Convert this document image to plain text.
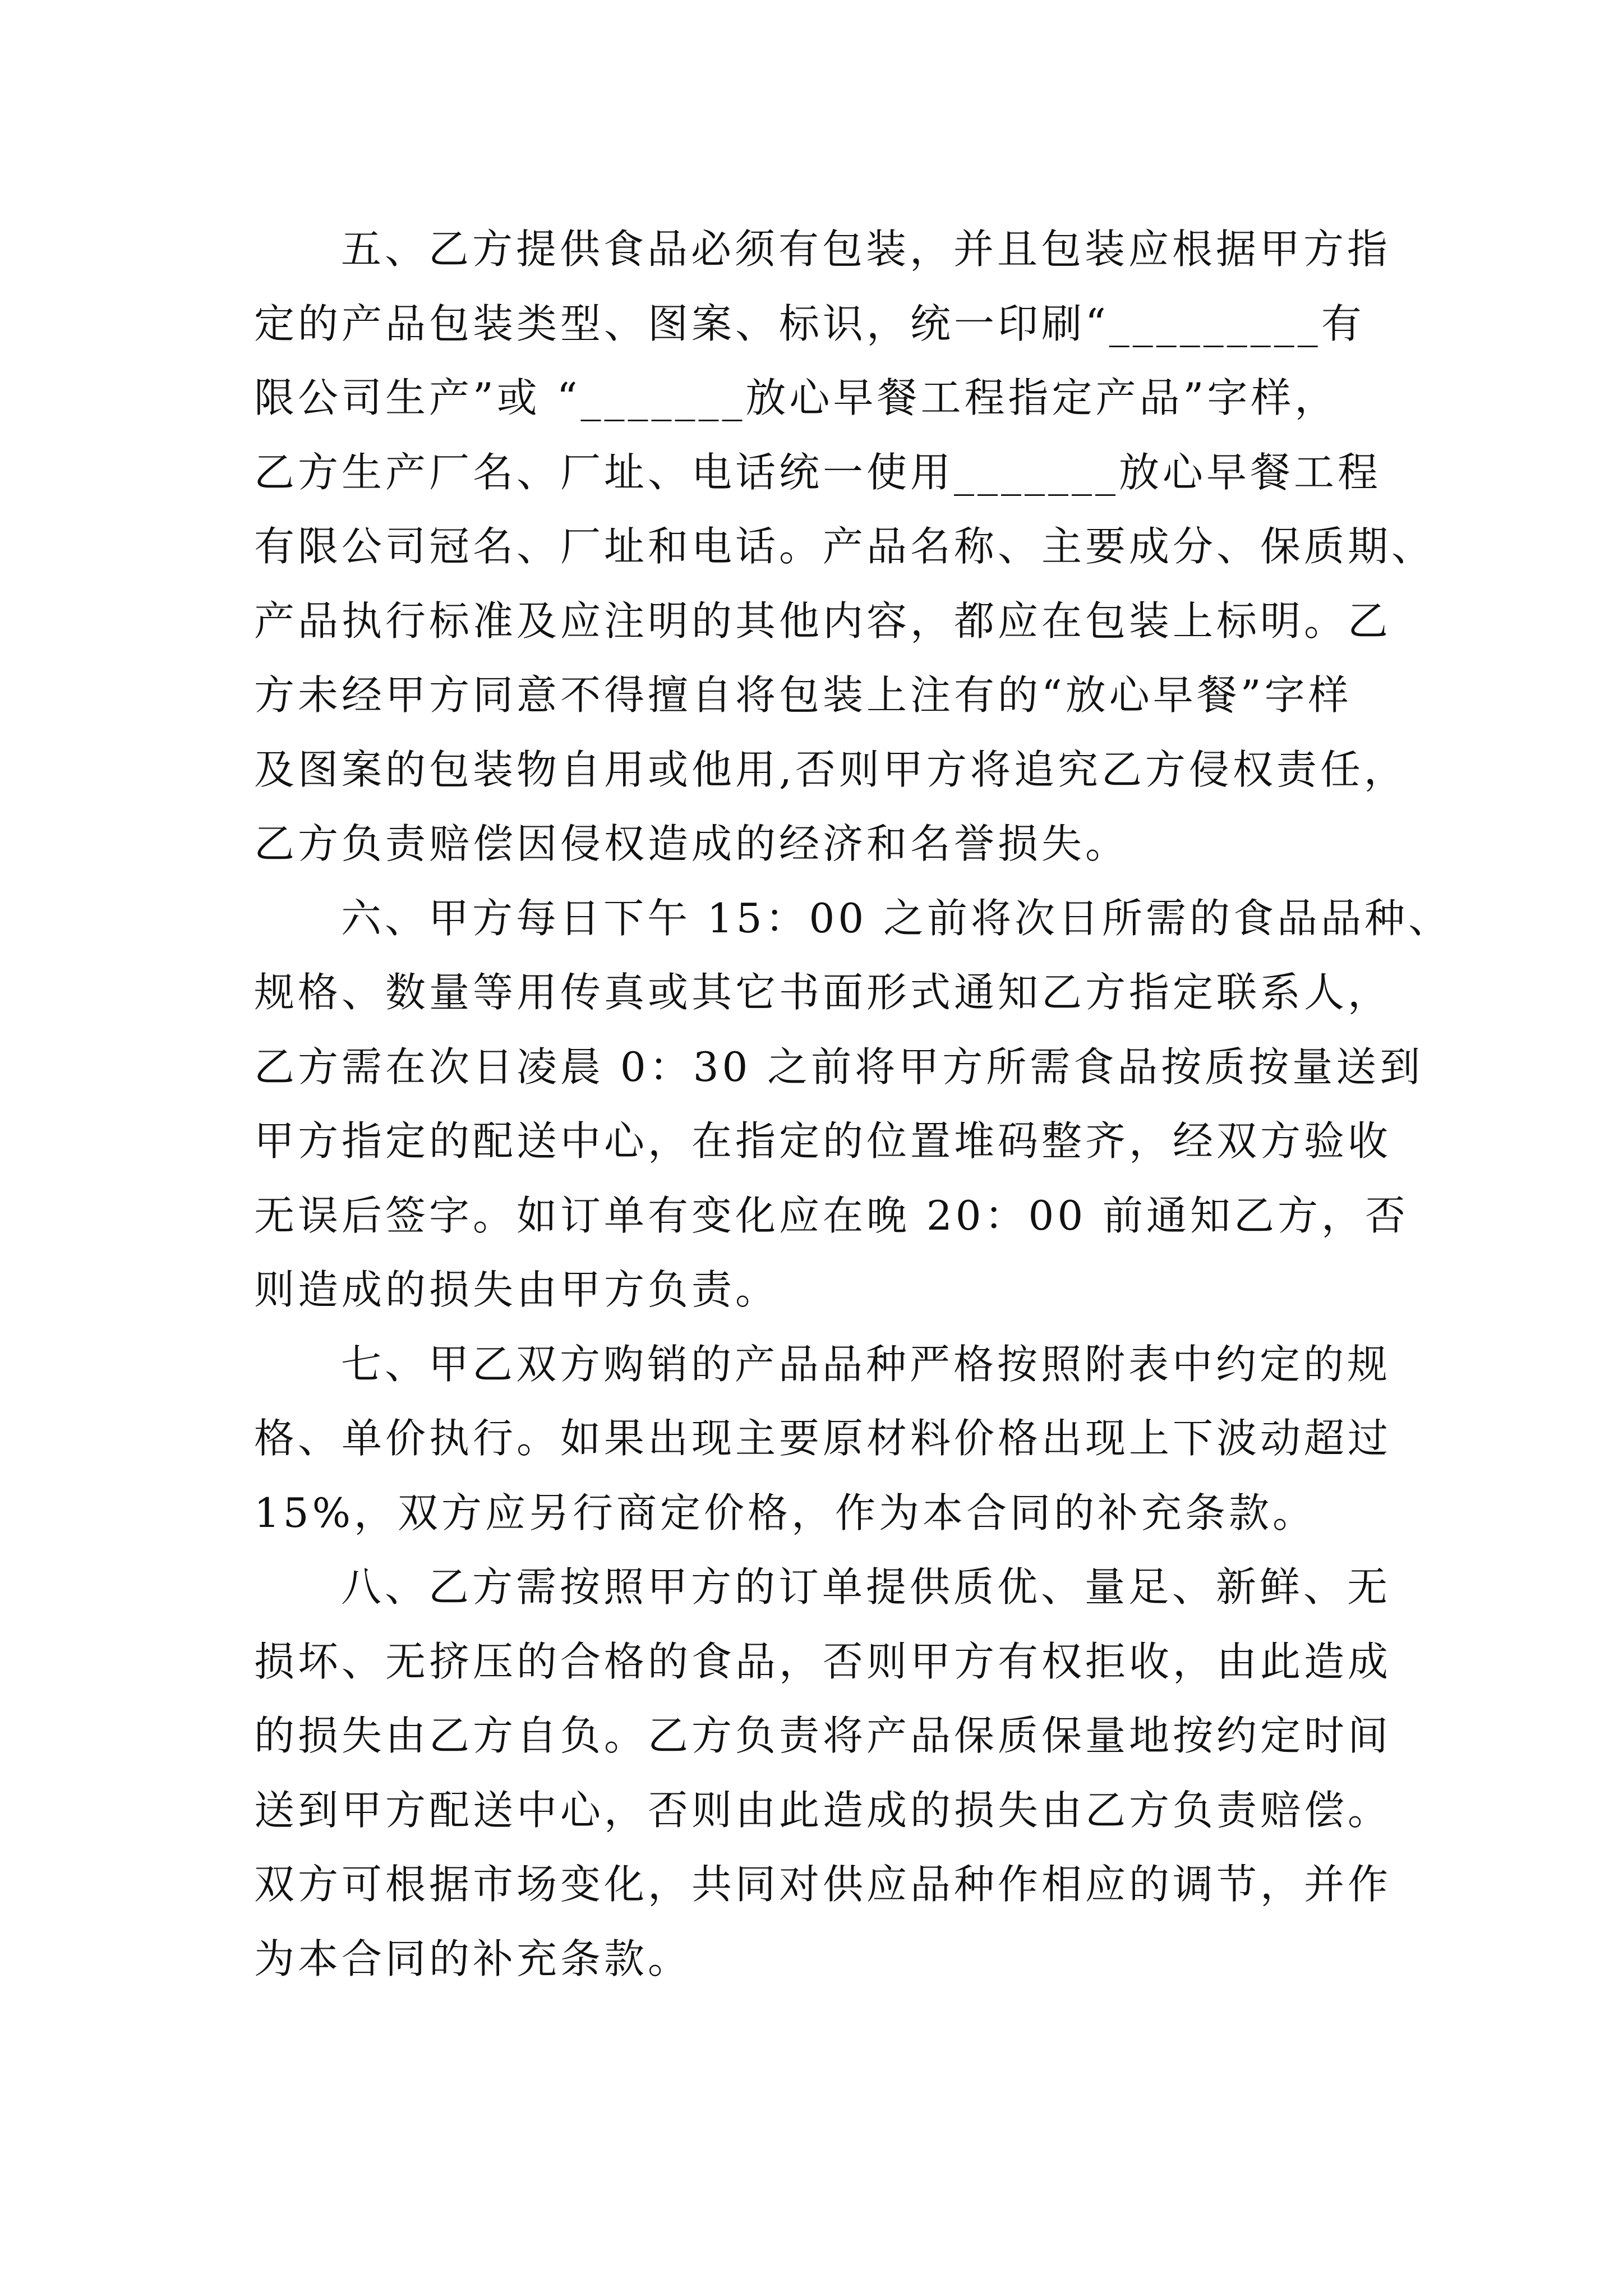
五、乙方提供食品必须有包装，并且包装应根据甲方指
定的产品包装类型、图案、标识，统一印刷“_________有
限公司生产”或 “_______放心早餐工程指定产品”字样，
乙方生产厂名、厂址、电话统一使用_______放心早餐工程
有限公司冠名、厂址和电话。产品名称、主要成分、保质期、
产品执行标准及应注明的其他内容，都应在包装上标明。乙
方未经甲方同意不得擅自将包装上注有的“放心早餐”字样
及图案的包装物自用或他用,否则甲方将追究乙方侵权责任，
乙方负责赔偿因侵权造成的经济和名誉损失。
六、甲方每日下午 15：00 之前将次日所需的食品品种、
规格、数量等用传真或其它书面形式通知乙方指定联系人，
乙方需在次日凌晨 0：30 之前将甲方所需食品按质按量送到
甲方指定的配送中心，在指定的位置堆码整齐，经双方验收
无误后签字。如订单有变化应在晚 20：00 前通知乙方，否
则造成的损失由甲方负责。
七、甲乙双方购销的产品品种严格按照附表中约定的规
格、单价执行。如果出现主要原材料价格出现上下波动超过
15%，双方应另行商定价格，作为本合同的补充条款。
八、乙方需按照甲方的订单提供质优、量足、新鲜、无
损坏、无挤压的合格的食品，否则甲方有权拒收，由此造成
的损失由乙方自负。乙方负责将产品保质保量地按约定时间
送到甲方配送中心，否则由此造成的损失由乙方负责赔偿。
双方可根据市场变化，共同对供应品种作相应的调节，并作
为本合同的补充条款。
